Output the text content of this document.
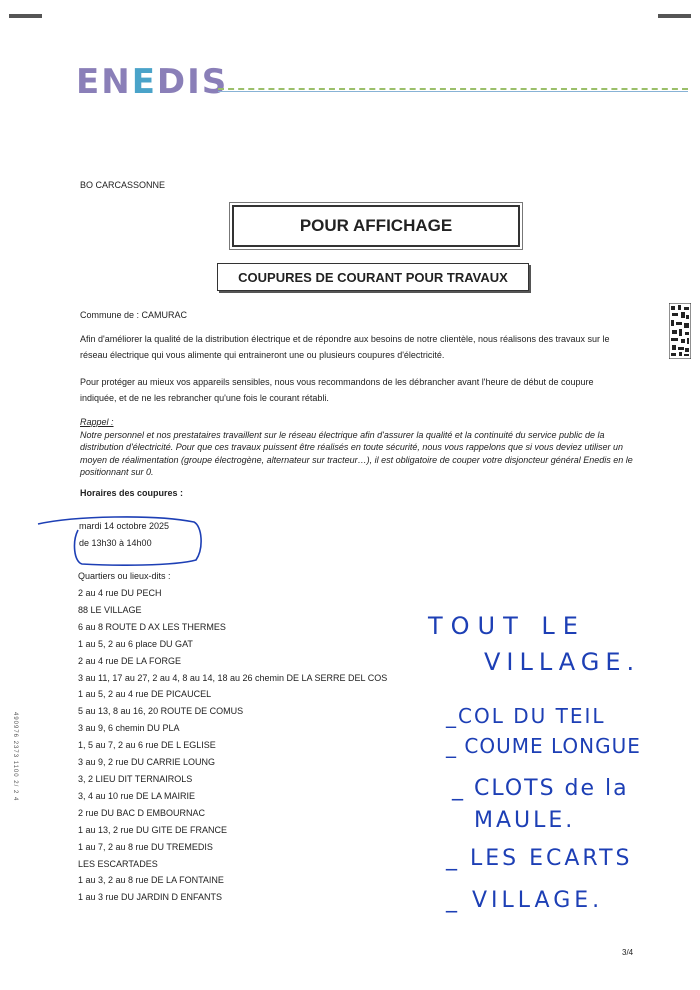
ENEDIS
BO CARCASSONNE
POUR AFFICHAGE
COUPURES DE COURANT POUR TRAVAUX
Commune de : CAMURAC
Afin d'améliorer la qualité de la distribution électrique et de répondre aux besoins de notre clientèle, nous réalisons des travaux sur le réseau électrique qui vous alimente qui entraineront une ou plusieurs coupures d'électricité.
Pour protéger au mieux vos appareils sensibles, nous vous recommandons de les débrancher avant l'heure de début de coupure indiquée, et de ne les rebrancher qu'une fois le courant rétabli.
Rappel :
Notre personnel et nos prestataires travaillent sur le réseau électrique afin d'assurer la qualité et la continuité du service public de la distribution d'électricité. Pour que ces travaux puissent être réalisés en toute sécurité, nous vous rappelons que si vous deviez utiliser un moyen de réalimentation (groupe électrogène, alternateur sur tracteur…), il est obligatoire de couper votre disjoncteur général Enedis en le positionnant sur 0.
Horaires des coupures :
mardi 14 octobre 2025
de 13h30 à 14h00
Quartiers ou lieux-dits :
2 au 4 rue DU PECH
88 LE VILLAGE
6 au 8 ROUTE D AX LES THERMES
1 au 5, 2 au 6 place DU GAT
2 au 4 rue DE LA FORGE
3 au 11, 17 au 27, 2 au 4, 8 au 14, 18 au 26 chemin DE LA SERRE DEL COS
1 au 5, 2 au 4 rue DE PICAUCEL
5 au 13, 8 au 16, 20 ROUTE DE COMUS
3 au 9, 6 chemin DU PLA
1, 5 au 7, 2 au 6 rue DE L EGLISE
3 au 9, 2 rue DU CARRIE LOUNG
3, 2 LIEU DIT TERNAIROLS
3, 4 au 10 rue DE LA MAIRIE
2 rue DU BAC D EMBOURNAC
1 au 13, 2 rue DU GITE DE FRANCE
1 au 7, 2 au 8 rue DU TREMEDIS
LES ESCARTADES
1 au 3, 2 au 8 rue DE LA FONTAINE
1 au 3 rue DU JARDIN D ENFANTS
TOUT LE
VILLAGE.
_COL DU TEIL
_ COUME LONGUE
_ CLOTS de la
MAULE.
_ LES ECARTS
_ VILLAGE.
490976 2373 1100 2/ 2 4
3/4
